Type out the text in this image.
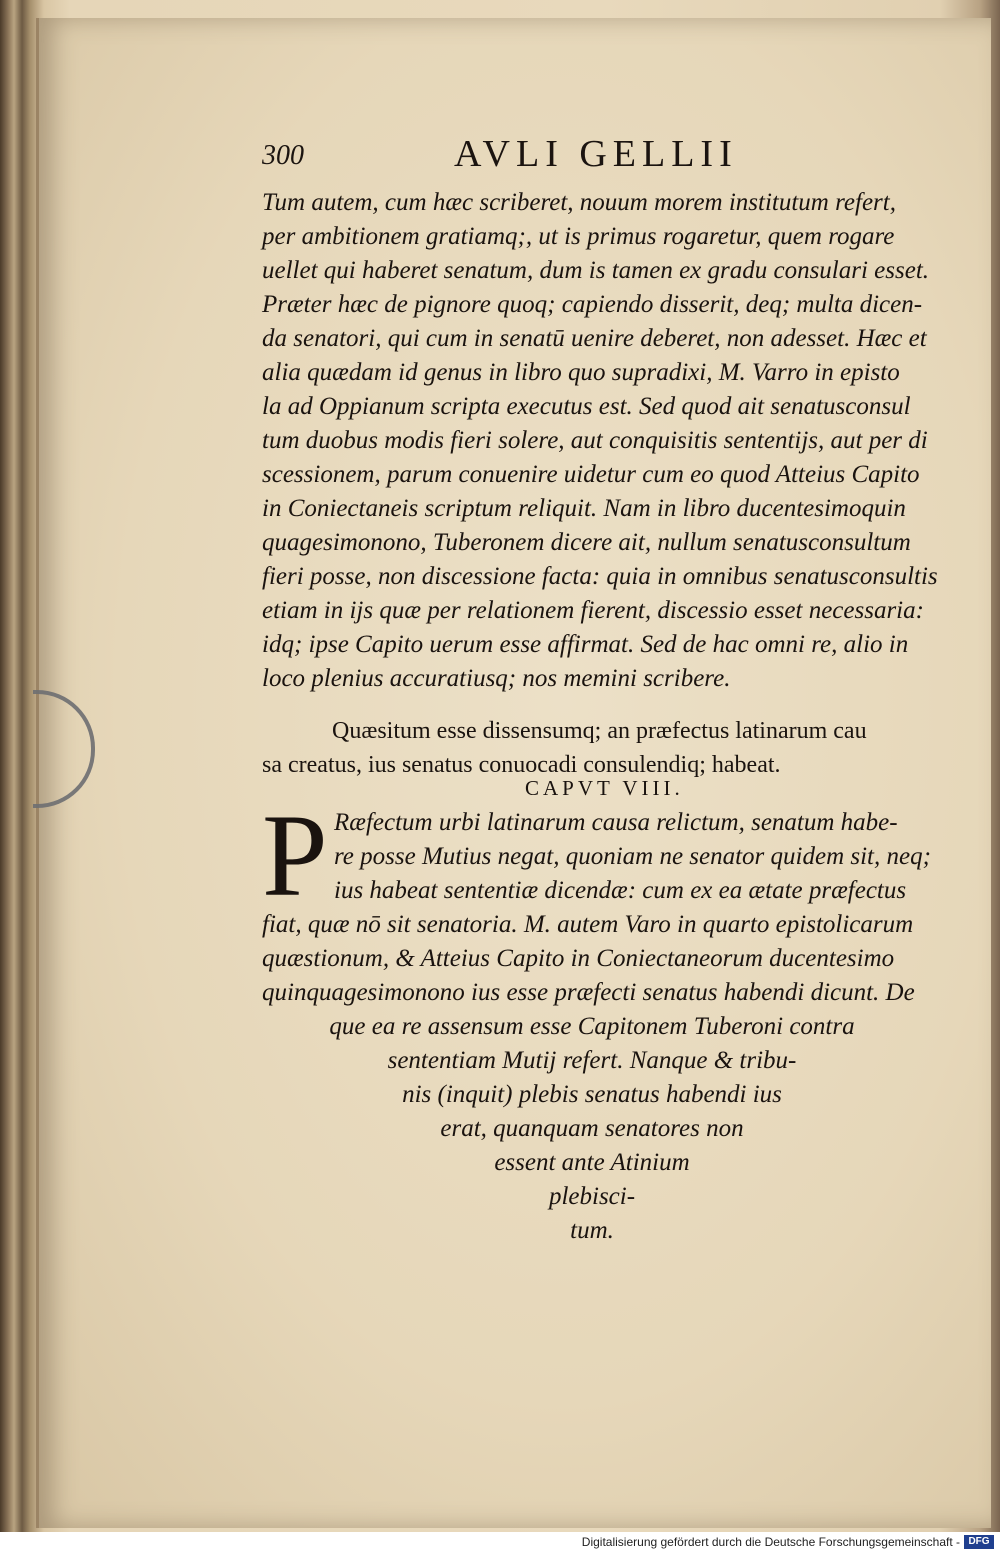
300	AVLI GELLII
Tum autem, cum hæc scriberet, nouum morem institutum refert,
per ambitionem gratiamq;, ut is primus rogaretur, quem rogare
uellet qui haberet senatum, dum is tamen ex gradu consulari esset.
Præter hæc de pignore quoq; capiendo disserit, deq; multa dicen-
da senatori, qui cum in senatū uenire deberet, non adesset. Hæc et
alia quædam id genus in libro quo supradixi, M. Varro in episto
la ad Oppianum scripta executus est. Sed quod ait senatusconsul
tum duobus modis fieri solere, aut conquisitis sententijs, aut per di
scessionem, parum conuenire uidetur cum eo quod Atteius Capito
in Coniectaneis scriptum reliquit. Nam in libro ducentesimoquin
quagesimonono, Tuberonem dicere ait, nullum senatusconsultum
fieri posse, non discessione facta: quia in omnibus senatusconsultis
etiam in ijs quæ per relationem fierent, discessio esset necessaria:
idq; ipse Capito uerum esse affirmat. Sed de hac omni re, alio in
loco plenius accuratiusq; nos memini scribere.
Quæsitum esse dissensumq; an præfectus latinarum cau
sa creatus, ius senatus conuocadi consulendiq; habeat.
CAPVT VIII.
P Ræfectum urbi latinarum causa relictum, senatum habe-
re posse Mutius negat, quoniam ne senator quidem sit, neq;
ius habeat sententiæ dicendæ: cum ex ea ætate præfectus
fiat, quæ nō sit senatoria. M. autem Varo in quarto epistolicarum
quæstionum, & Atteius Capito in Coniectaneorum ducentesimo
quinquagesimonono ius esse præfecti senatus habendi dicunt. De
que ea re assensum esse Capitonem Tuberoni contra
sententiam Mutij refert. Nanque & tribu-
nis (inquit) plebis senatus habendi ius
erat, quanquam senatores non
essent ante Atinium
plebisci-
tum.
Digitalisierung gefördert durch die Deutsche Forschungsgemeinschaft - DFG
